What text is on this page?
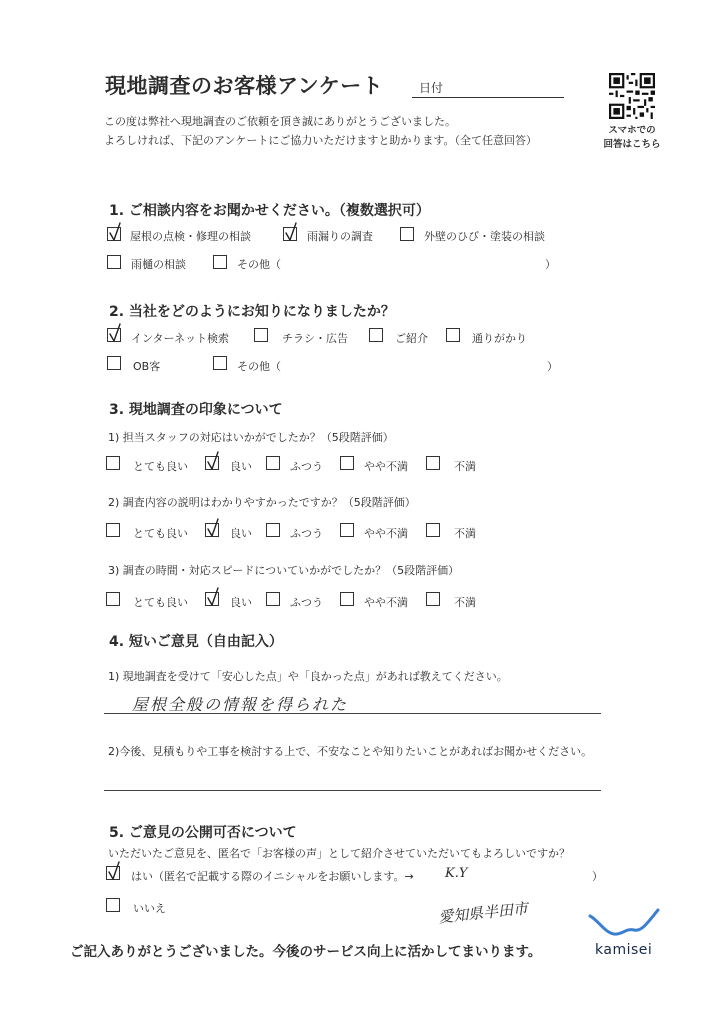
現地調査のお客様アンケート	日付
この度は弊社へ現地調査のご依頼を頂き誠にありがとうございました。
よろしければ、下記のアンケートにご協力いただけますと助かります。（全て任意回答）
スマホでの
回答はこちら
1. ご相談内容をお聞かせください。（複数選択可）
屋根の点検・修理の相談	雨漏りの調査	外壁のひび・塗装の相談
雨樋の相談	その他（	）
2. 当社をどのようにお知りになりましたか？
インターネット検索	チラシ・広告	ご紹介	通りがかり
OB客	その他（	）
3. 現地調査の印象について
1) 担当スタッフの対応はいかがでしたか？（5段階評価）
とても良い	良い	ふつう	やや不満	不満
2) 調査内容の説明はわかりやすかったですか？（5段階評価）
とても良い	良い	ふつう	やや不満	不満
3) 調査の時間・対応スピードについていかがでしたか？（5段階評価）
とても良い	良い	ふつう	やや不満	不満
4. 短いご意見（自由記入）
1) 現地調査を受けて「安心した点」や「良かった点」があれば教えてください。
屋根全般の情報を得られた
2)今後、見積もりや工事を検討する上で、不安なことや知りたいことがあればお聞かせください。
5. ご意見の公開可否について
いただいたご意見を、匿名で「お客様の声」として紹介させていただいてもよろしいですか？
はい（匿名で記載する際のイニシャルをお願いします。→ K.Y	）
いいえ	愛知県半田市
ご記入ありがとうございました。今後のサービス向上に活かしてまいります。	kamisei
